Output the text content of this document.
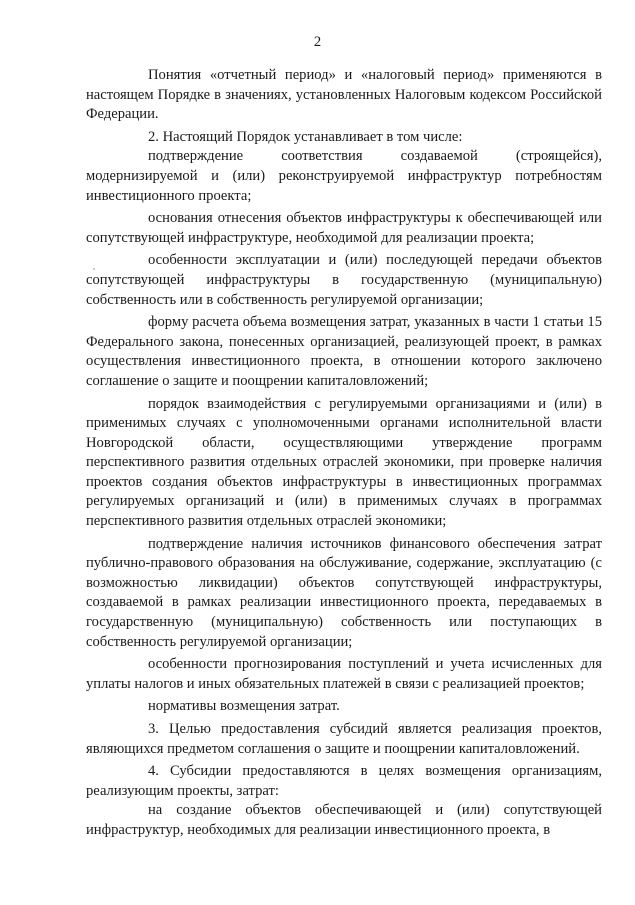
2

Понятия «отчетный период» и «налоговый период» применяются в настоящем Порядке в значениях, установленных Налоговым кодексом Российской Федерации.

2. Настоящий Порядок устанавливает в том числе:

подтверждение соответствия создаваемой (строящейся), модернизируемой и (или) реконструируемой инфраструктур потребностям инвестиционного проекта;

основания отнесения объектов инфраструктуры к обеспечивающей или сопутствующей инфраструктуре, необходимой для реализации проекта;

особенности эксплуатации и (или) последующей передачи объектов сопутствующей инфраструктуры в государственную (муниципальную) собственность или в собственность регулируемой организации;

форму расчета объема возмещения затрат, указанных в части 1 статьи 15 Федерального закона, понесенных организацией, реализующей проект, в рамках осуществления инвестиционного проекта, в отношении которого заключено соглашение о защите и поощрении капиталовложений;

порядок взаимодействия с регулируемыми организациями и (или) в применимых случаях с уполномоченными органами исполнительной власти Новгородской области, осуществляющими утверждение программ перспективного развития отдельных отраслей экономики, при проверке наличия проектов создания объектов инфраструктуры в инвестиционных программах регулируемых организаций и (или) в применимых случаях в программах перспективного развития отдельных отраслей экономики;

подтверждение наличия источников финансового обеспечения затрат публично-правового образования на обслуживание, содержание, эксплуатацию (с возможностью ликвидации) объектов сопутствующей инфраструктуры, создаваемой в рамках реализации инвестиционного проекта, передаваемых в государственную (муниципальную) собственность или поступающих в собственность регулируемой организации;

особенности прогнозирования поступлений и учета исчисленных для уплаты налогов и иных обязательных платежей в связи с реализацией проектов;

нормативы возмещения затрат.

3. Целью предоставления субсидий является реализация проектов, являющихся предметом соглашения о защите и поощрении капиталовложений.

4. Субсидии предоставляются в целях возмещения организациям, реализующим проекты, затрат:

на создание объектов обеспечивающей и (или) сопутствующей инфраструктур, необходимых для реализации инвестиционного проекта, в
